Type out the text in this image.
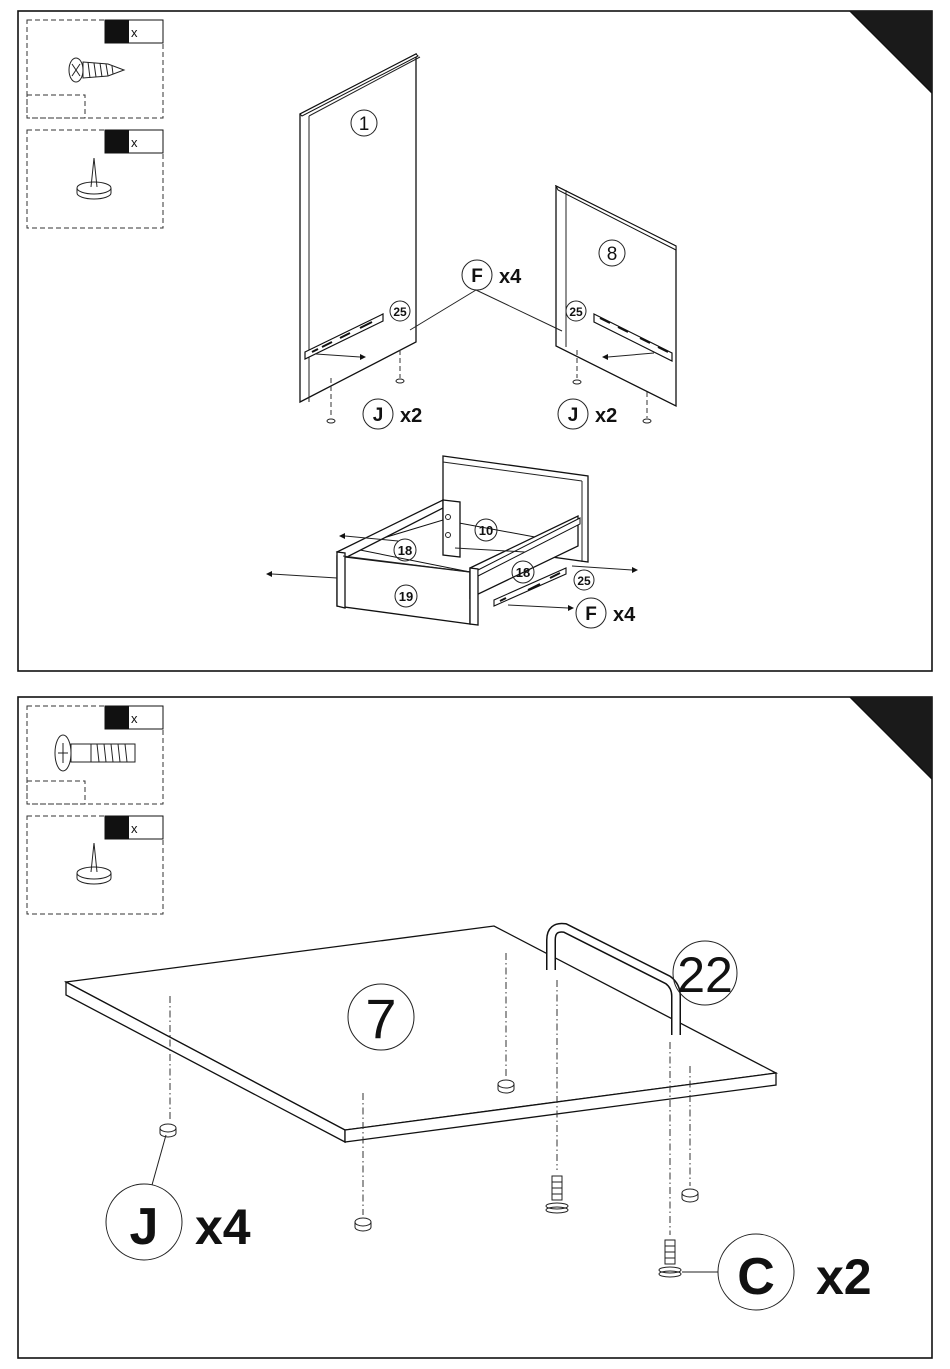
x
x
1
8
25	25
F x4
J x2	J x2
10
18
18
19
25
F x4
x
x
7
22
J x4
C x2
